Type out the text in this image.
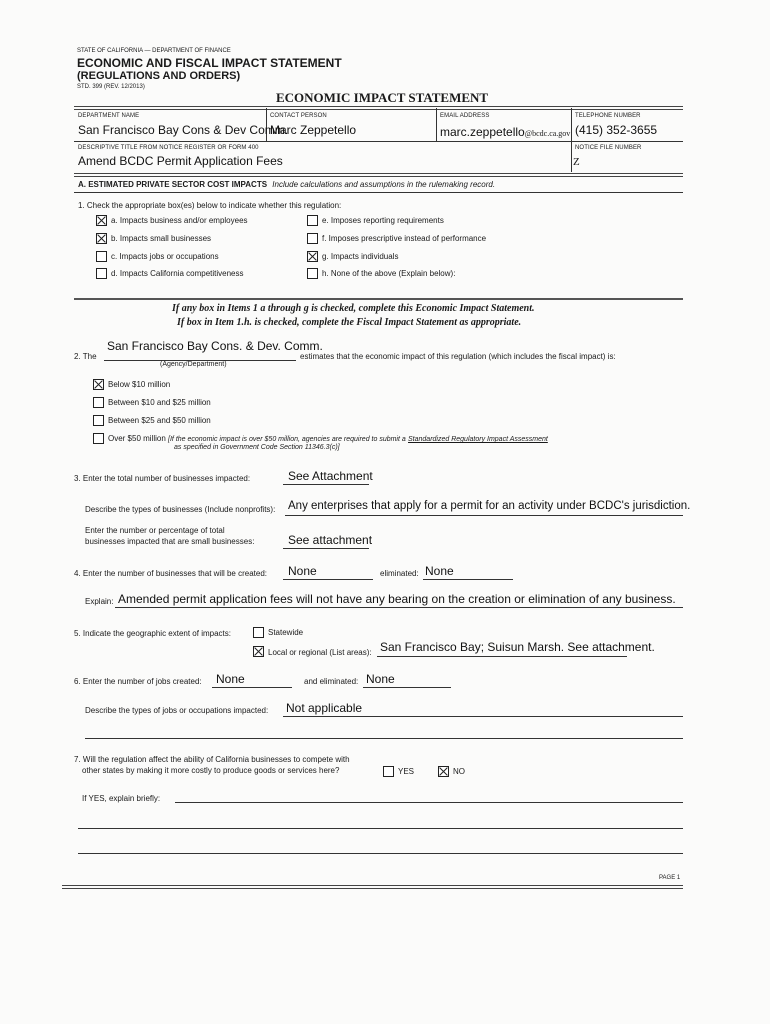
STATE OF CALIFORNIA — DEPARTMENT OF FINANCE
ECONOMIC AND FISCAL IMPACT STATEMENT
(REGULATIONS AND ORDERS)
STD. 399 (REV. 12/2013)
ECONOMIC IMPACT STATEMENT
DEPARTMENT NAME
San Francisco Bay Cons & Dev Comm.
CONTACT PERSON
Marc Zeppetello
EMAIL ADDRESS
marc.zeppetello@bcdc.ca.gov
TELEPHONE NUMBER
(415) 352-3655
DESCRIPTIVE TITLE FROM NOTICE REGISTER OR FORM 400
Amend BCDC Permit Application Fees
NOTICE FILE NUMBER
Z
A. ESTIMATED PRIVATE SECTOR COST IMPACTS Include calculations and assumptions in the rulemaking record.
1. Check the appropriate box(es) below to indicate whether this regulation:
a. Impacts business and/or employees
b. Impacts small businesses
c. Impacts jobs or occupations
d. Impacts California competitiveness
e. Imposes reporting requirements
f. Imposes prescriptive instead of performance
g. Impacts individuals
h. None of the above (Explain below):
If any box in Items 1 a through g is checked, complete this Economic Impact Statement.
If box in Item 1.h. is checked, complete the Fiscal Impact Statement as appropriate.
San Francisco Bay Cons. & Dev. Comm.
2. The
(Agency/Department)
estimates that the economic impact of this regulation (which includes the fiscal impact) is:
Below $10 million
Between $10 and $25 million
Between $25 and $50 million
Over $50 million [If the economic impact is over $50 million, agencies are required to submit a Standardized Regulatory Impact Assessment
as specified in Government Code Section 11346.3(c)]
3. Enter the total number of businesses impacted:	See Attachment
Describe the types of businesses (Include nonprofits): Any enterprises that apply for a permit for an activity under BCDC's jurisdiction.
Enter the number or percentage of total
businesses impacted that are small businesses:	See attachment
4. Enter the number of businesses that will be created: None	eliminated: None
Explain: Amended permit application fees will not have any bearing on the creation or elimination of any business.
5. Indicate the geographic extent of impacts:	Statewide
Local or regional (List areas): San Francisco Bay; Suisun Marsh. See attachment.
6. Enter the number of jobs created: None	and eliminated: None
Describe the types of jobs or occupations impacted: Not applicable
7. Will the regulation affect the ability of California businesses to compete with
other states by making it more costly to produce goods or services here?	YES	NO
If YES, explain briefly:
PAGE 1
